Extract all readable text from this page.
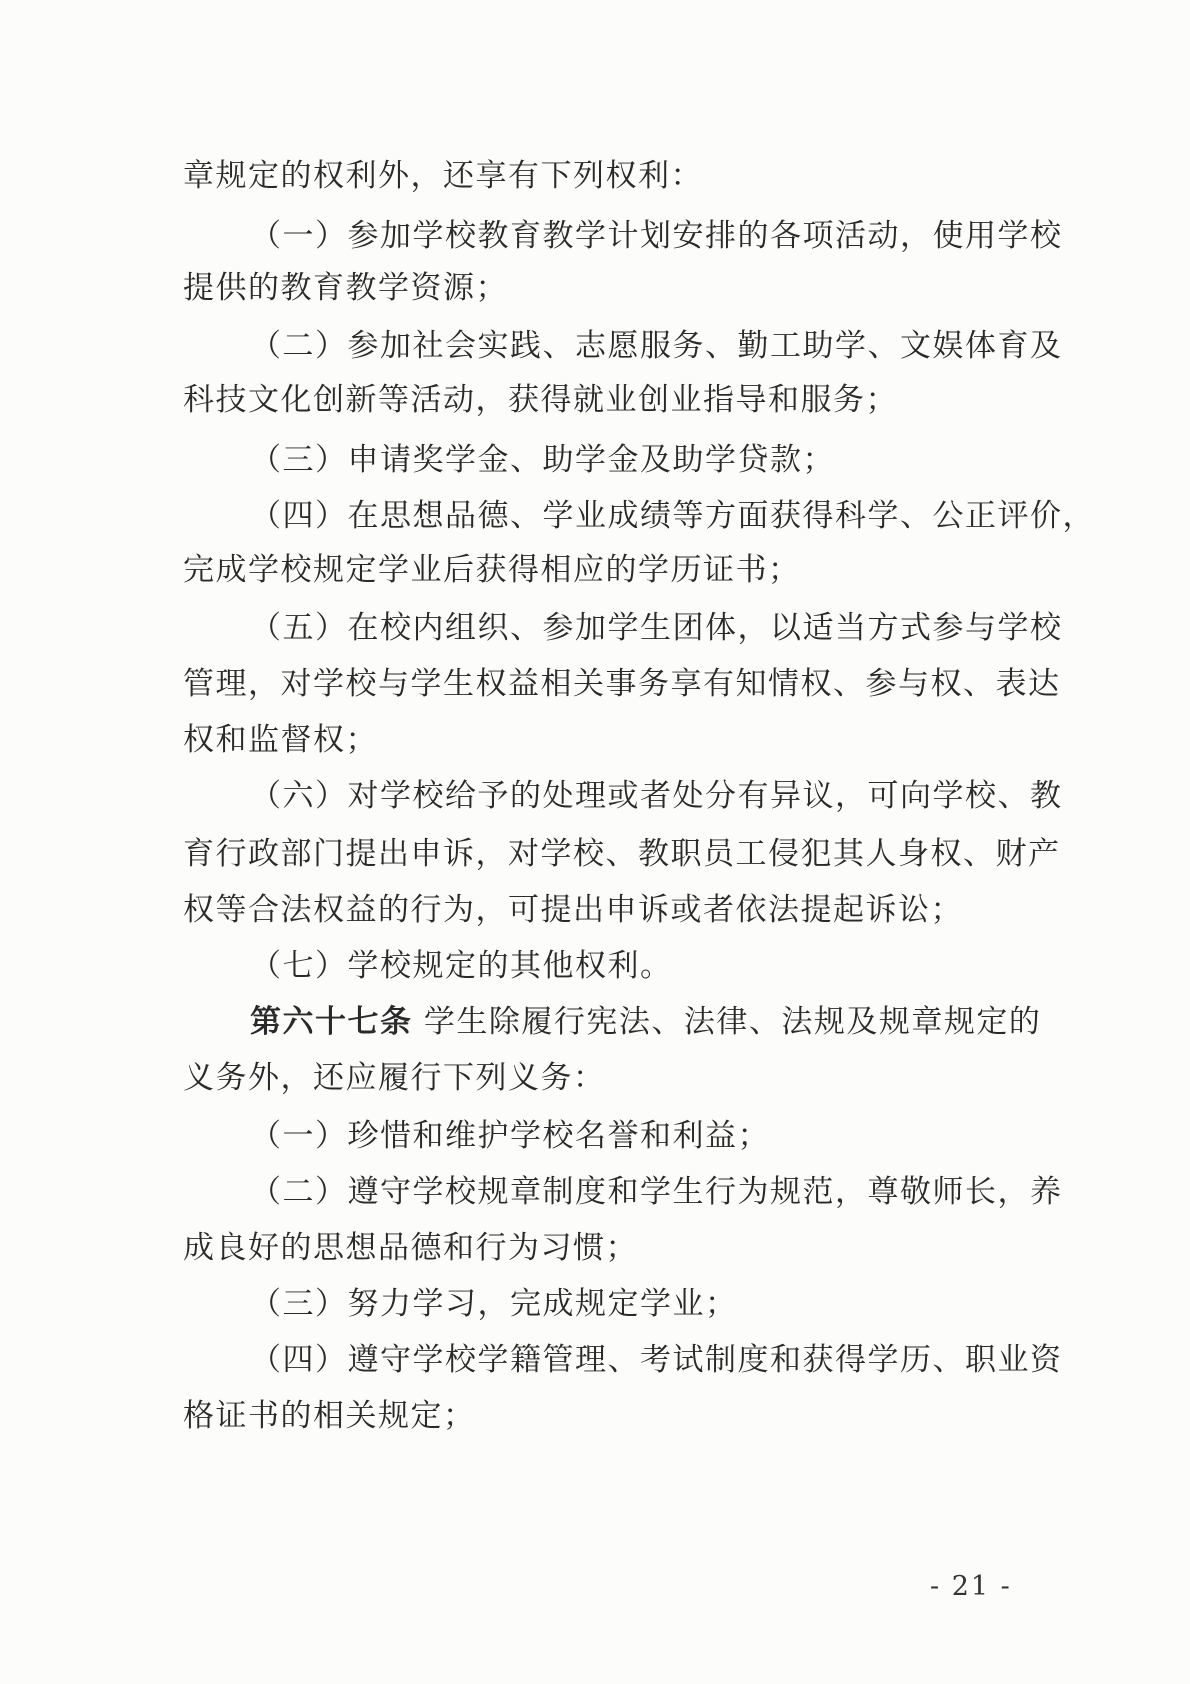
章规定的权利外，还享有下列权利：
（一）参加学校教育教学计划安排的各项活动，使用学校
提供的教育教学资源；
（二）参加社会实践、志愿服务、勤工助学、文娱体育及
科技文化创新等活动，获得就业创业指导和服务；
（三）申请奖学金、助学金及助学贷款；
（四）在思想品德、学业成绩等方面获得科学、公正评价，
完成学校规定学业后获得相应的学历证书；
（五）在校内组织、参加学生团体，以适当方式参与学校
管理，对学校与学生权益相关事务享有知情权、参与权、表达
权和监督权；
（六）对学校给予的处理或者处分有异议，可向学校、教
育行政部门提出申诉，对学校、教职员工侵犯其人身权、财产
权等合法权益的行为，可提出申诉或者依法提起诉讼；
（七）学校规定的其他权利。
第六十七条 学生除履行宪法、法律、法规及规章规定的
义务外，还应履行下列义务：
（一）珍惜和维护学校名誉和利益；
（二）遵守学校规章制度和学生行为规范，尊敬师长，养
成良好的思想品德和行为习惯；
（三）努力学习，完成规定学业；
（四）遵守学校学籍管理、考试制度和获得学历、职业资
格证书的相关规定；
- 21 -
